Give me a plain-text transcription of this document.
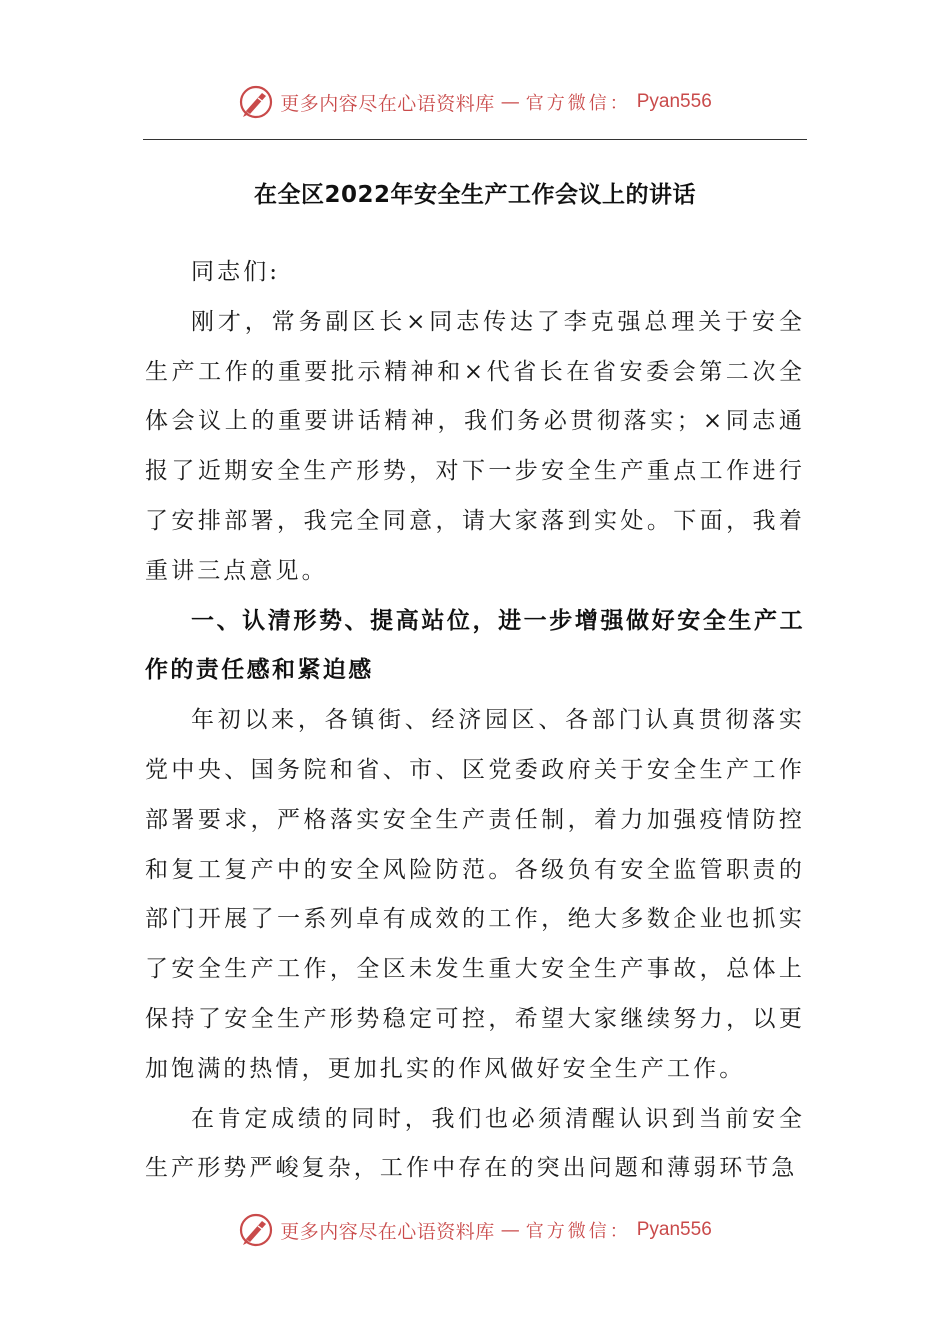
更多内容尽在心语资料库 — 官方微信： Pyan556
在全区2022年安全生产工作会议上的讲话

同志们:

刚才，常务副区长×同志传达了李克强总理关于安全生产工作的重要批示精神和×代省长在省安委会第二次全体会议上的重要讲话精神，我们务必贯彻落实；×同志通报了近期安全生产形势，对下一步安全生产重点工作进行了安排部署，我完全同意，请大家落到实处。下面，我着重讲三点意见。

一、认清形势、提高站位，进一步增强做好安全生产工作的责任感和紧迫感

年初以来，各镇街、经济园区、各部门认真贯彻落实党中央、国务院和省、市、区党委政府关于安全生产工作部署要求，严格落实安全生产责任制，着力加强疫情防控和复工复产中的安全风险防范。各级负有安全监管职责的部门开展了一系列卓有成效的工作，绝大多数企业也抓实了安全生产工作，全区未发生重大安全生产事故，总体上保持了安全生产形势稳定可控，希望大家继续努力，以更加饱满的热情，更加扎实的作风做好安全生产工作。

在肯定成绩的同时，我们也必须清醒认识到当前安全生产形势严峻复杂，工作中存在的突出问题和薄弱环节急

更多内容尽在心语资料库 — 官方微信： Pyan556
